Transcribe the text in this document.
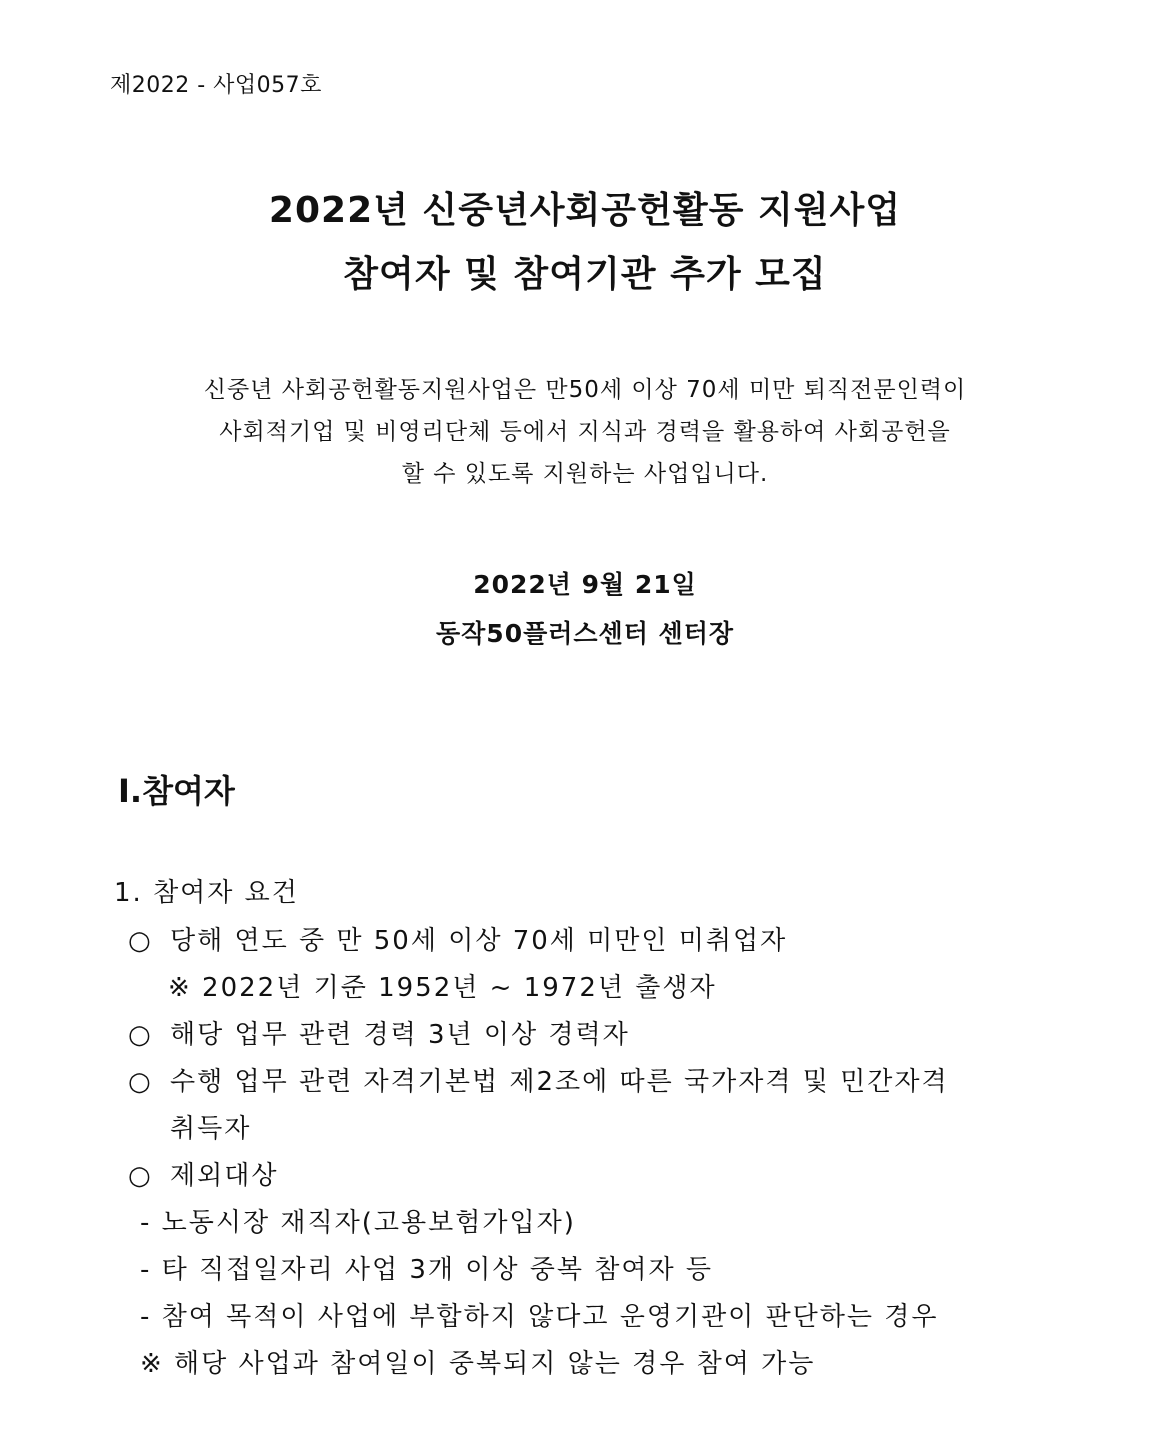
제2022 - 사업057호
2022년 신중년사회공헌활동 지원사업
참여자 및 참여기관 추가 모집
신중년 사회공헌활동지원사업은 만50세 이상 70세 미만 퇴직전문인력이
사회적기업 및 비영리단체 등에서 지식과 경력을 활용하여 사회공헌을
할 수 있도록 지원하는 사업입니다.
2022년 9월 21일
동작50플러스센터 센터장
Ⅰ.참여자
1. 참여자 요건
○ 당해 연도 중 만 50세 이상 70세 미만인 미취업자
※ 2022년 기준 1952년 ~ 1972년 출생자
○ 해당 업무 관련 경력 3년 이상 경력자
○ 수행 업무 관련 자격기본법 제2조에 따른 국가자격 및 민간자격
취득자
○ 제외대상
- 노동시장 재직자(고용보험가입자)
- 타 직접일자리 사업 3개 이상 중복 참여자 등
- 참여 목적이 사업에 부합하지 않다고 운영기관이 판단하는 경우
※ 해당 사업과 참여일이 중복되지 않는 경우 참여 가능
